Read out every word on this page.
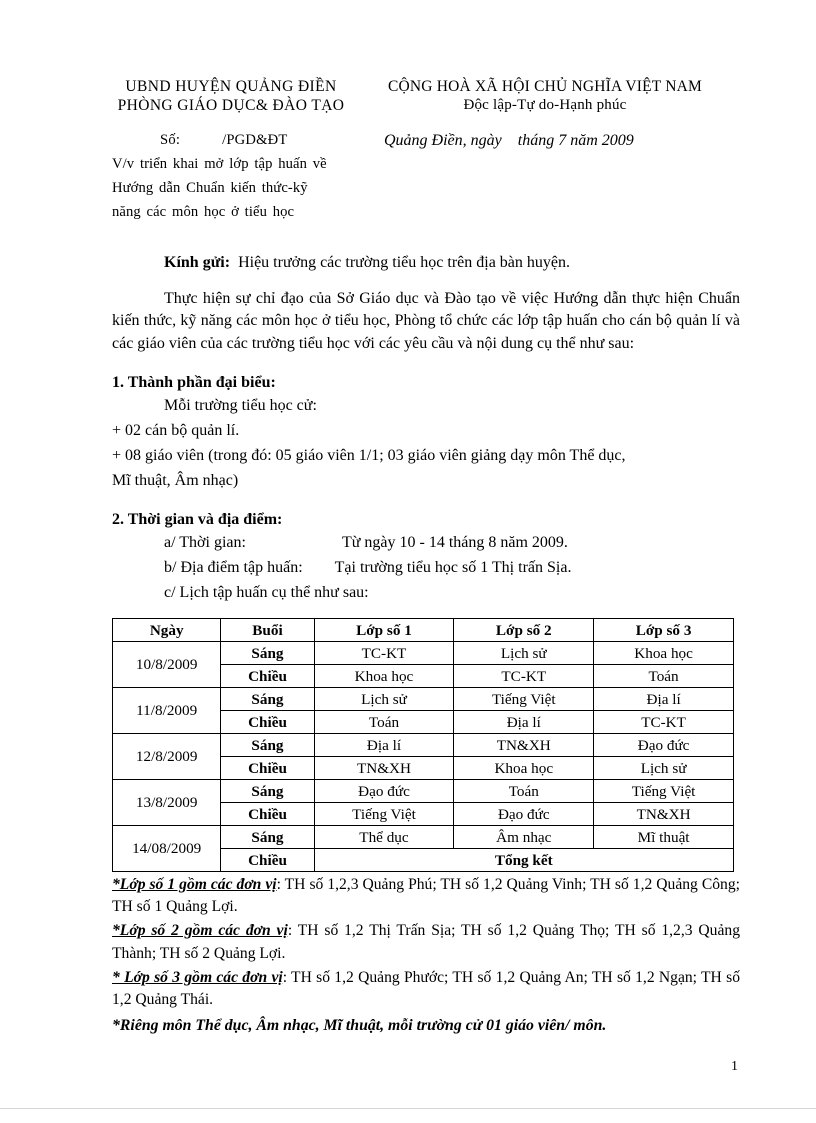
UBND HUYỆN QUẢNG ĐIỀN
PHÒNG GIÁO DỤC& ĐÀO TẠO
CỘNG HOÀ XÃ HỘI CHỦ NGHĨA VIỆT NAM
Độc lập-Tự do-Hạnh phúc
Số:	/PGD&ĐT
V/v triển khai mở lớp tập huấn về
Hướng dẫn Chuẩn kiến thức-kỹ
năng các môn học ở tiểu học
Quảng Điền, ngày tháng 7 năm 2009
Kính gửi: Hiệu trưởng các trường tiểu học trên địa bàn huyện.

Thực hiện sự chỉ đạo của Sở Giáo dục và Đào tạo về việc Hướng dẫn thực hiện Chuẩn kiến thức, kỹ năng các môn học ở tiểu học, Phòng tổ chức các lớp tập huấn cho cán bộ quản lí và các giáo viên của các trường tiểu học với các yêu cầu và nội dung cụ thể như sau:

1. Thành phần đại biểu:
Mỗi trường tiểu học cử:
+ 02 cán bộ quản lí.
+ 08 giáo viên (trong đó: 05 giáo viên 1/1; 03 giáo viên giảng dạy môn Thể dục,
Mĩ thuật, Âm nhạc)
2. Thời gian và địa điểm:
a/ Thời gian:	Từ ngày 10 - 14 tháng 8 năm 2009.
b/ Địa điểm tập huấn: Tại trường tiểu học số 1 Thị trấn Sịa.
c/ Lịch tập huấn cụ thể như sau:
Ngày	Buổi	Lớp số 1	Lớp số 2	Lớp số 3
10/8/2009	Sáng	TC-KT	Lịch sử	Khoa học
	Chiều	Khoa học	TC-KT	Toán
11/8/2009	Sáng	Lịch sử	Tiếng Việt	Địa lí
	Chiều	Toán	Địa lí	TC-KT
12/8/2009	Sáng	Địa lí	TN&XH	Đạo đức
	Chiều	TN&XH	Khoa học	Lịch sử
13/8/2009	Sáng	Đạo đức	Toán	Tiếng Việt
	Chiều	Tiếng Việt	Đạo đức	TN&XH
14/08/2009	Sáng	Thể dục	Âm nhạc	Mĩ thuật
	Chiều	Tổng kết		
*Lớp số 1 gồm các đơn vị: TH số 1,2,3 Quảng Phú; TH số 1,2 Quảng Vinh; TH số 1,2 Quảng Công; TH số 1 Quảng Lợi.
*Lớp số 2 gồm các đơn vị: TH số 1,2 Thị Trấn Sịa; TH số 1,2 Quảng Thọ; TH số 1,2,3 Quảng Thành; TH số 2 Quảng Lợi.
* Lớp số 3 gồm các đơn vị: TH số 1,2 Quảng Phước; TH số 1,2 Quảng An; TH số 1,2 Ngạn; TH số 1,2 Quảng Thái.
*Riêng môn Thể dục, Âm nhạc, Mĩ thuật, mỗi trường cử 01 giáo viên/ môn.
1
